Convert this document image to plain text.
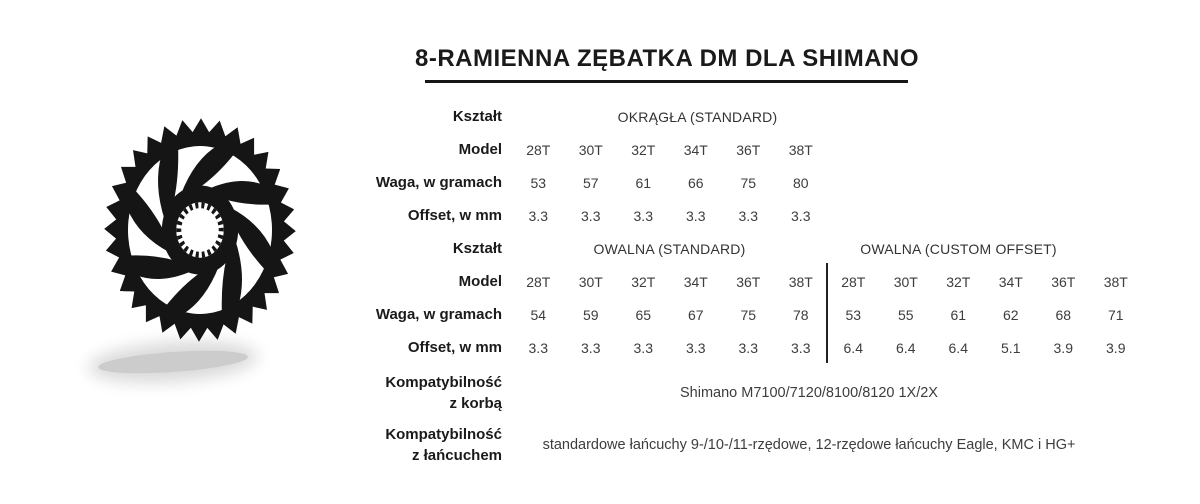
8-RAMIENNA ZĘBATKA DM DLA SHIMANO
Kształt	OKRĄGŁA (STANDARD)
Model	28T	30T	32T	34T	36T	38T
Waga, w gramach	53	57	61	66	75	80
Offset, w mm	3.3	3.3	3.3	3.3	3.3	3.3
Kształt	OWALNA (STANDARD)	OWALNA (CUSTOM OFFSET)
Model	28T	30T	32T	34T	36T	38T	28T	30T	32T	34T	36T	38T
Waga, w gramach	54	59	65	67	75	78	53	55	61	62	68	71
Offset, w mm	3.3	3.3	3.3	3.3	3.3	3.3	6.4	6.4	6.4	5.1	3.9	3.9
Kompatybilność
z korbą
Shimano M7100/7120/8100/8120 1X/2X
Kompatybilność
z łańcuchem
standardowe łańcuchy 9-/10-/11-rzędowe, 12-rzędowe łańcuchy Eagle, KMC i HG+
